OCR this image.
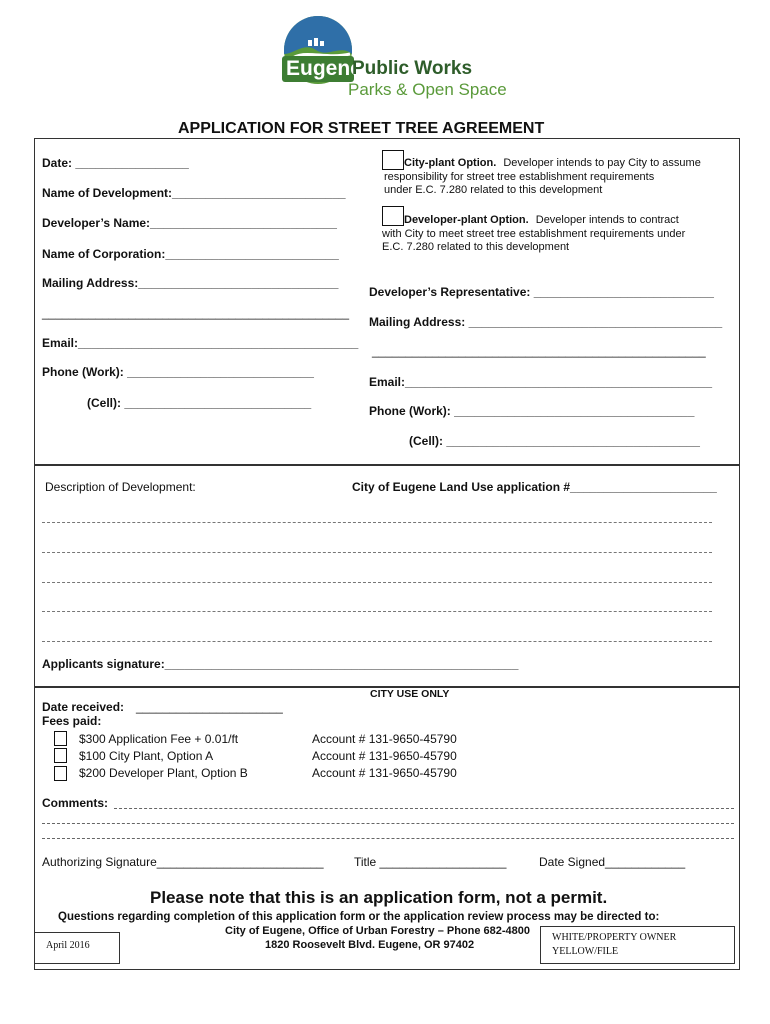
Eugene
Public Works
Parks & Open Space
APPLICATION FOR STREET TREE AGREEMENT
Date: _________________
Name of Development:__________________________
Developer’s Name:____________________________
Name of Corporation:__________________________
Mailing Address:______________________________
______________________________________________
Email:__________________________________________
Phone (Work): ____________________________
(Cell): ____________________________
City-plant Option. Developer intends to pay City to assume
responsibility for street tree establishment requirements
under E.C. 7.280 related to this development
Developer-plant Option. Developer intends to contract
with City to meet street tree establishment requirements under
E.C. 7.280 related to this development
Developer’s Representative: ___________________________
Mailing Address: ______________________________________
__________________________________________________
Email:______________________________________________
Phone (Work): ____________________________________
(Cell): ______________________________________
Description of Development:	City of Eugene Land Use application #______________________
Applicants signature:_____________________________________________________
CITY USE ONLY
Date received: ______________________
Fees paid:
$300 Application Fee + 0.01/ft	Account # 131-9650-45790
$100 City Plant, Option A	Account # 131-9650-45790
$200 Developer Plant, Option B	Account # 131-9650-45790
Comments:
Authorizing Signature_________________________	Title ___________________	Date Signed____________
Please note that this is an application form, not a permit.
Questions regarding completion of this application form or the application review process may be directed to:
City of Eugene, Office of Urban Forestry – Phone 682-4800
1820 Roosevelt Blvd. Eugene, OR 97402
April 2016
WHITE/PROPERTY OWNER
YELLOW/FILE
